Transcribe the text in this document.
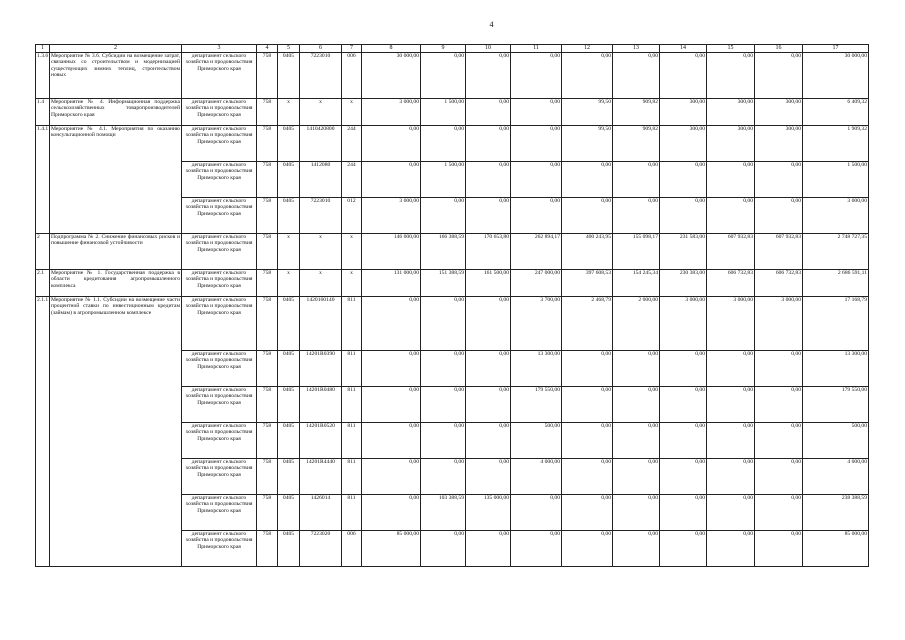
4
1	2	3	4	5	6	7	8	9	10	11	12	13	14	15	16	17
1.3.6	Мероприятие № 3.6. Субсидии на возмещение затрат, связанных со строительством и модернизацией существующих зимних теплиц, строительством новых	департамент сельского хозяйства и продовольствия Приморского края	758	0405	7223010	006	30 000,00	0,00	0,00	0,00	0,00	0,00	0,00	0,00	0,00	30 000,00
1.4	Мероприятие № 4. Информационная поддержка сельскохозяйственных товаропроизводителей Приморского края	департамент сельского хозяйства и продовольствия Приморского края	758	х	х	х	3 000,00	1 500,00	0,00	0,00	99,50	909,82	300,00	300,00	300,00	6 409,32
1.4.1	Мероприятие № 4.1. Мероприятия по оказанию консультационной помощи	департамент сельского хозяйства и продовольствия Приморского края	758	0405	1410420800	244	0,00	0,00	0,00	0,00	99,50	909,82	300,00	300,00	300,00	1 909,32
		департамент сельского хозяйства и продовольствия Приморского края	758	0405	1412080	244	0,00	1 500,00	0,00	0,00	0,00	0,00	0,00	0,00	0,00	1 500,00
		департамент сельского хозяйства и продовольствия Приморского края	758	0405	7223010	012	3 000,00	0,00	0,00	0,00	0,00	0,00	0,00	0,00	0,00	3 000,00
2	Подпрограмма № 2. Снижение финансовых рисков и повышение финансовой устойчивости	департамент сельского хозяйства и продовольствия Приморского края	758	х	х	х	146 000,00	166 388,59	170 653,80	262 894,17	400 243,95	155 098,17	231 583,00	607 932,83	607 932,83	2 748 727,35
2.1	Мероприятие № 1. Государственная поддержка в области кредитования агропромышленного комплекса	департамент сельского хозяйства и продовольствия Приморского края	758	х	х	х	131 000,00	151 388,59	161 500,00	247 000,00	397 608,53	154 245,34	230 383,00	606 732,83	606 732,83	2 686 591,11
2.1.1	Мероприятие № 1.1. Субсидии на возмещение части процентной ставки по инвестиционным кредитам (займам) в агропромышленном комплексе	департамент сельского хозяйства и продовольствия Приморского края	758	0405	1420160140	811	0,00	0,00	0,00	3 700,00	2 468,79	2 000,00	3 000,00	3 000,00	3 000,00	17 168,79
		департамент сельского хозяйства и продовольствия Приморского края	758	0405	14201R0390	811	0,00	0,00	0,00	13 300,00	0,00	0,00	0,00	0,00	0,00	13 300,00
		департамент сельского хозяйства и продовольствия Приморского края	758	0405	14201R0480	811	0,00	0,00	0,00	179 550,00	0,00	0,00	0,00	0,00	0,00	179 550,00
		департамент сельского хозяйства и продовольствия Приморского края	758	0405	14201R0520	811	0,00	0,00	0,00	500,00	0,00	0,00	0,00	0,00	0,00	500,00
		департамент сельского хозяйства и продовольствия Приморского края	758	0405	14201R4440	811	0,00	0,00	0,00	4 000,00	0,00	0,00	0,00	0,00	0,00	4 000,00
		департамент сельского хозяйства и продовольствия Приморского края	758	0405	1426014	811	0,00	103 388,59	135 000,00	0,00	0,00	0,00	0,00	0,00	0,00	238 388,59
		департамент сельского хозяйства и продовольствия Приморского края	758	0405	7223020	006	85 000,00	0,00	0,00	0,00	0,00	0,00	0,00	0,00	0,00	85 000,00
